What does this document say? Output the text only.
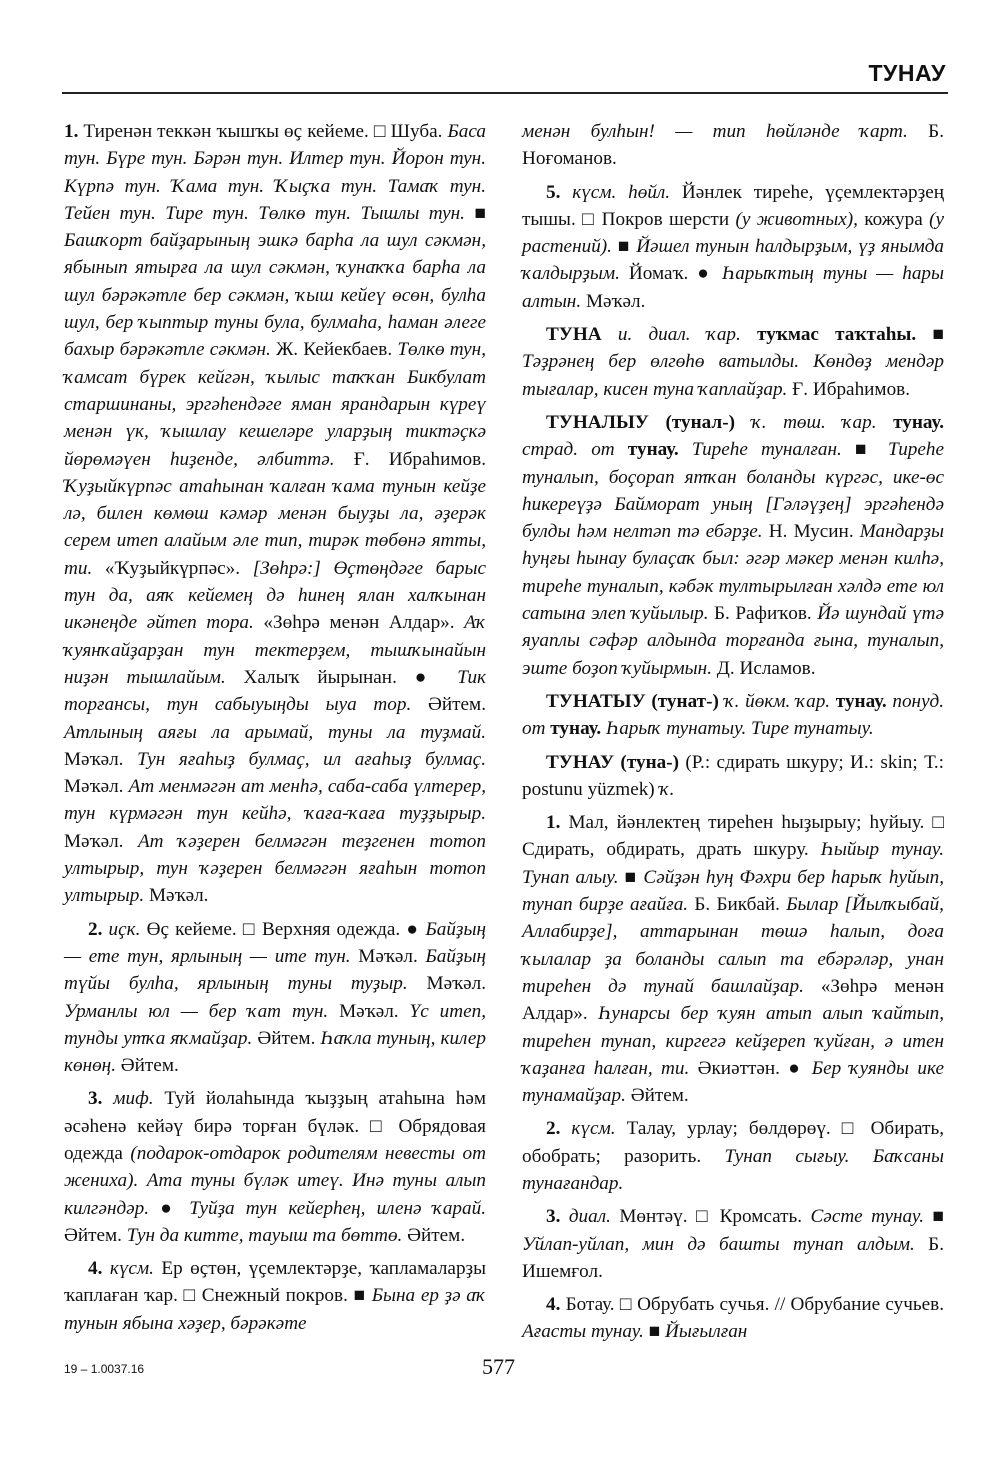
ТУНАУ

1. Тиренән теккән ҡышҡы өҫ кейеме. □ Шуба. Баса тун. Бүре тун. Бәрән тун. Илтер тун. Йорон тун. Күрпә тун. Ҡама тун. Ҡыҫҡа тун. Тамаҡ тун. Тейен тун. Тире тун. Төлкө тун. Тышлы тун. ■ Башҡорт байҙарының эшкә барһа ла шул сәкмән, ябынып ятырға ла шул сәкмән, ҡунаҡҡа барһа ла шул бәрәкәтле бер сәкмән, ҡыш кейеү өсөн, булһа шул, бер ҡыптыр туны була, булмаһа, һаман әлеге бахыр бәрәкәтле сәкмән. Ж. Кейекбаев. Төлкө тун, ҡамсат бүрек кейгән, ҡылыс таҡҡан Бикбулат старшинаны, эргәһендәге яман ярандарын күреү менән үк, ҡышлау кешеләре уларҙың тиктәҫкә йөрөмәүен һиҙенде, әлбиттә. Ғ. Ибраһимов. Ҡуҙыйкүрпәс атаһынан ҡалған ҡама тунын кейҙе лә, билен көмөш кәмәр менән быуҙы ла, әҙерәк серем итеп алайым әле тип, тирәк төбөнә ятты, ти. «Ҡуҙыйкүрпәс». [Зөһрә:] Өҫтөңдәге барыс тун да, аяҡ кейемең дә һинең ялан халҡынан икәнеңде әйтеп тора. «Зөһрә менән Алдар». Аҡ ҡуянҡайҙарҙан тун тектерҙем, тышҡынайын ниҙән тышлайым. Халыҡ йырынан. ● Тик торғансы, тун сабыуыңды ыуа тор. Әйтем. Атлының аяғы ла арымай, туны ла туҙмай. Мәҡәл. Тун яғаһыҙ булмаҫ, ил ағаһыҙ булмаҫ. Мәҡәл. Ат менмәгән ат менһә, саба-саба үлтерер, тун күрмәгән тун кейһә, ҡаға-ҡаға туҙҙырыр. Мәҡәл. Ат ҡәҙерен белмәгән теҙгенен тотоп ултырыр, тун ҡәҙерен белмәгән яғаһын тотоп ултырыр. Мәҡәл.

2. иҫк. Өҫ кейеме. □ Верхняя одежда. ● Байҙың — ете тун, ярлының — ите тун. Мәҡәл. Байҙың түйы булһа, ярлының туны туҙыр. Мәҡәл. Урманлы юл — бер ҡат тун. Мәҡәл. Үс итеп, тунды утҡа яҡмайҙар. Әйтем. Һаҡла туның, килер көнөң. Әйтем.

3. миф. Туй йолаһында ҡыҙҙың атаһына һәм әсәһенә кейәү бирә торған бүләк. □ Обрядовая одежда (подарок-отдарок родителям невесты от жениха). Ата туны бүләк итеү. Инә туны алып килгәндәр. ● Туйҙа тун кейерһең, иленә ҡарай. Әйтем. Тун да китте, тауыш та бөттө. Әйтем.

4. күсм. Ер өҫтөн, үҫемлектәрҙе, ҡапламаларҙы ҡаплаған ҡар. □ Снежный покров. ■ Бына ер ҙә аҡ тунын ябына хәҙер, бәрәкәте

менән булһын! — тип һөйләнде ҡарт. Б. Ноғоманов.

5. күсм. һөйл. Йәнлек тиреһе, үҫемлектәрҙең тышы. □ Покров шерсти (у животных), кожура (у растений). ■ Йәшел тунын һалдырҙым, үҙ янымда ҡалдырҙым. Йомаҡ. ● Һарыҡтың туны — һары алтын. Мәҡәл.

ТУНА и. диал. ҡар. туҡмас таҡтаһы. ■ Тәҙрәнең бер өлгөһө ватылды. Көндөҙ мендәр тығалар, кисен туна ҡаплайҙар. Ғ. Ибраһимов.

ТУНАЛЫУ (тунал-) ҡ. төш. ҡар. тунау. страд. от тунау. Тиреһе туналған. ■ Тиреһе туналып, боҫорап ятҡан боланды күргәс, ике-өс һикереүҙә Байморат уның [Гәләүҙең] эргәһендә булды һәм нелтәп тә ебәрҙе. Н. Мусин. Мандарҙы һуңғы һынау булаҫаҡ был: әгәр мәкер менән килһә, тиреһе туналып, кәбәк тултырылған хәлдә ете юл сатына элеп ҡуйылыр. Б. Рафиҡов. Йә шундай үтә яуаплы сәфәр алдында торғанда ғына, туналып, эште боҙоп ҡуйырмын. Д. Исламов.

ТУНАТЫУ (тунат-) ҡ. йөкм. ҡар. тунау. понуд. от тунау. Һарыҡ тунатыу. Тире тунатыу.

ТУНАУ (туна-) (Р.: сдирать шкуру; И.: skin; Т.: postunu yüzmek) ҡ.

1. Мал, йәнлектең тиреһен һыҙырыу; һуйыу. □ Сдирать, обдирать, драть шкуру. Һыйыр тунау. Тунап алыу. ■ Сәйҙән һуң Фәхри бер һарыҡ һуйып, тунап бирҙе ағайға. Б. Бикбай. Былар [Йылҡыбай, Аллабирҙе], аттарынан төшә һалып, доға ҡылалар ҙа боланды салып та ебәрәләр, унан тиреһен дә тунай башлайҙар. «Зөһрә менән Алдар». Һунарсы бер ҡуян атып алып ҡайтып, тиреһен тунап, киргегә кейҙереп ҡуйған, ә итен ҡаҙанға һалған, ти. Әкиәттән. ● Бер ҡуянды ике тунамайҙар. Әйтем.

2. күсм. Талау, урлау; бөлдөрөү. □ Обирать, обобрать; разорить. Тунап сығыу. Баҡсаны тунағандар.

3. диал. Мөнтәү. □ Кромсать. Сәсте тунау. ■ Уйлап-уйлап, мин дә башты тунап алдым. Б. Ишемғол.

4. Ботау. □ Обрубать сучья. // Обрубание сучьев. Ағасты тунау. ■ Йығылған

19 – 1.0037.16	577
